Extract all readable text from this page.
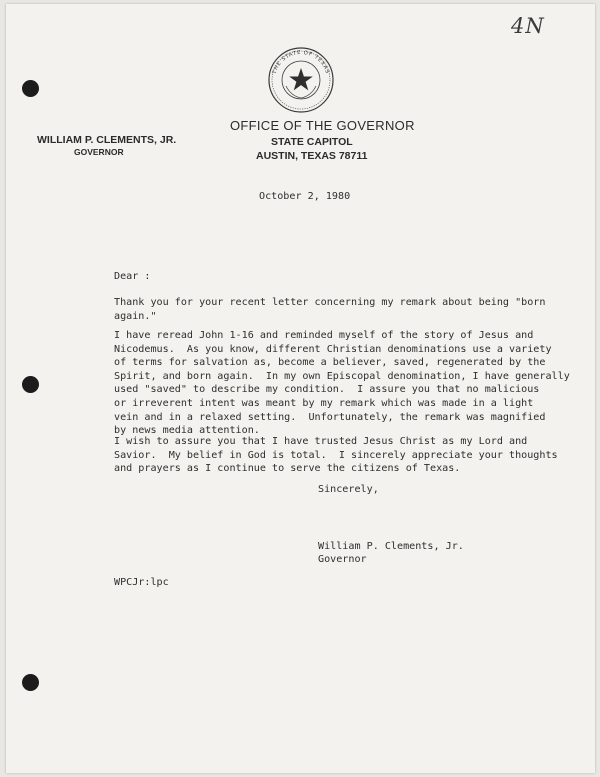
4N
THE STATE OF TEXAS
OFFICE OF THE GOVERNOR
STATE CAPITOL
AUSTIN, TEXAS 78711
WILLIAM P. CLEMENTS, JR.
GOVERNOR
October 2, 1980
Dear :
Thank you for your recent letter concerning my remark about being "born
again."
I have reread John 1-16 and reminded myself of the story of Jesus and
Nicodemus.  As you know, different Christian denominations use a variety
of terms for salvation as, become a believer, saved, regenerated by the
Spirit, and born again.  In my own Episcopal denomination, I have generally
used "saved" to describe my condition.  I assure you that no malicious
or irreverent intent was meant by my remark which was made in a light
vein and in a relaxed setting.  Unfortunately, the remark was magnified
by news media attention.
I wish to assure you that I have trusted Jesus Christ as my Lord and
Savior.  My belief in God is total.  I sincerely appreciate your thoughts
and prayers as I continue to serve the citizens of Texas.
Sincerely,
William P. Clements, Jr.
Governor
WPCJr:lpc
